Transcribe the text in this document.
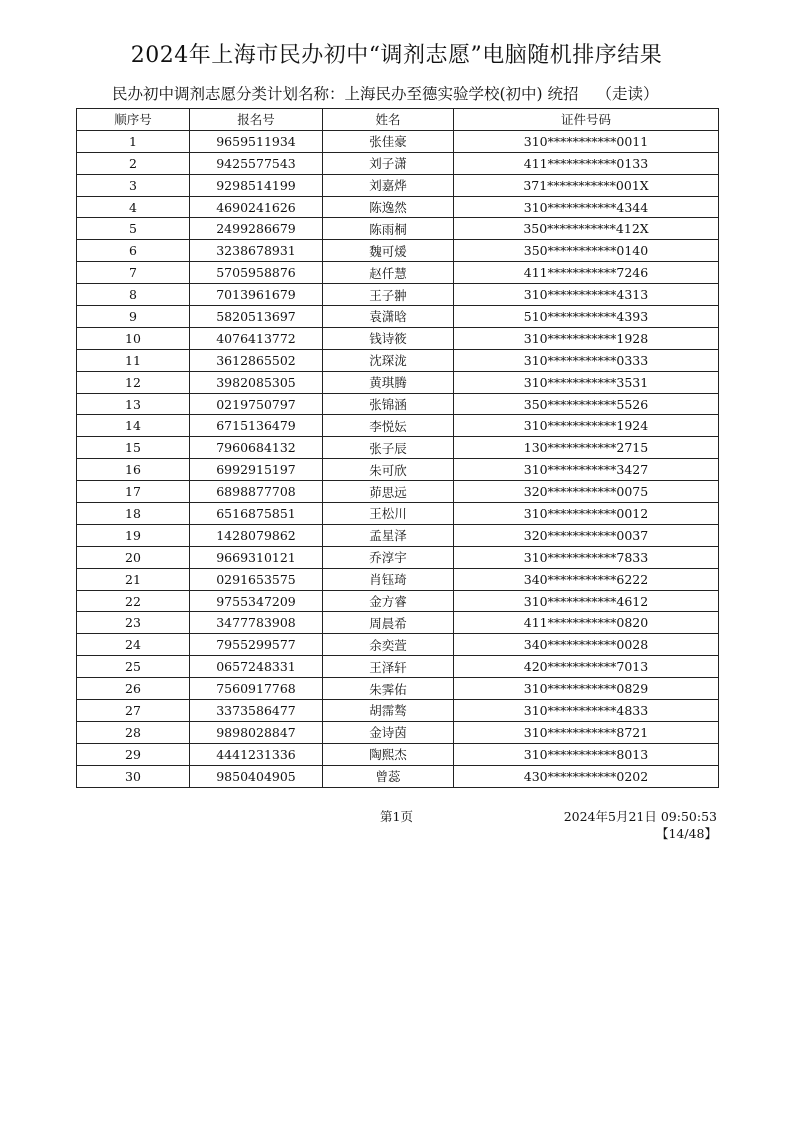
2024年上海市民办初中“调剂志愿”电脑随机排序结果
民办初中调剂志愿分类计划名称：上海民办至德实验学校(初中) 统招 （走读）
顺序号	报名号	姓名	证件号码
1	9659511934	张佳豪	310***********0011
2	9425577543	刘子潇	411***********0133
3	9298514199	刘嘉烨	371***********001X
4	4690241626	陈逸然	310***********4344
5	2499286679	陈雨桐	350***********412X
6	3238678931	魏可煖	350***********0140
7	5705958876	赵仟慧	411***********7246
8	7013961679	王子翀	310***********4313
9	5820513697	袁潇晗	510***********4393
10	4076413772	钱诗筱	310***********1928
11	3612865502	沈琛泷	310***********0333
12	3982085305	黄琪腾	310***********3531
13	0219750797	张锦涵	350***********5526
14	6715136479	李悦妘	310***********1924
15	7960684132	张子辰	130***********2715
16	6992915197	朱可欣	310***********3427
17	6898877708	茆思远	320***********0075
18	6516875851	王松川	310***********0012
19	1428079862	孟星泽	320***********0037
20	9669310121	乔淳宇	310***********7833
21	0291653575	肖钰琦	340***********6222
22	9755347209	金方睿	310***********4612
23	3477783908	周晨希	411***********0820
24	7955299577	余奕萱	340***********0028
25	0657248331	王泽轩	420***********7013
26	7560917768	朱霁佑	310***********0829
27	3373586477	胡霈骜	310***********4833
28	9898028847	金诗茵	310***********8721
29	4441231336	陶熙杰	310***********8013
30	9850404905	曾蕊	430***********0202
第1页	2024年5月21日 09:50:53
【14/48】
